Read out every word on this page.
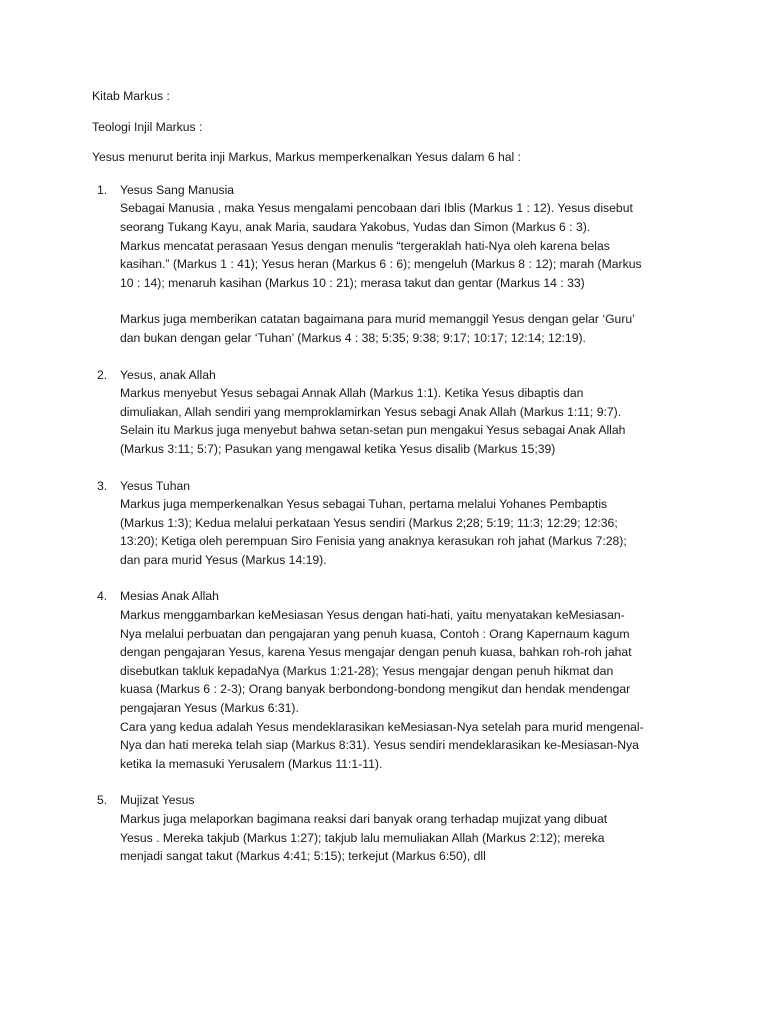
Kitab Markus :

Teologi Injil Markus :

Yesus menurut berita inji Markus, Markus memperkenalkan Yesus dalam 6 hal :

1. Yesus Sang Manusia
Sebagai Manusia , maka Yesus mengalami pencobaan dari Iblis (Markus 1 : 12). Yesus disebut
seorang Tukang Kayu, anak Maria, saudara Yakobus, Yudas dan Simon (Markus 6 : 3).
Markus mencatat perasaan Yesus dengan menulis “tergeraklah hati-Nya oleh karena belas
kasihan.” (Markus 1 : 41); Yesus heran (Markus 6 : 6); mengeluh (Markus 8 : 12); marah (Markus
10 : 14); menaruh kasihan (Markus 10 : 21); merasa takut dan gentar (Markus 14 : 33)
Markus juga memberikan catatan bagaimana para murid memanggil Yesus dengan gelar ‘Guru’
dan bukan dengan gelar ‘Tuhan’ (Markus 4 : 38; 5:35; 9:38; 9:17; 10:17; 12:14; 12:19).
2. Yesus, anak Allah
Markus menyebut Yesus sebagai Annak Allah (Markus 1:1). Ketika Yesus dibaptis dan
dimuliakan, Allah sendiri yang memproklamirkan Yesus sebagi Anak Allah (Markus 1:11; 9:7).
Selain itu Markus juga menyebut bahwa setan-setan pun mengakui Yesus sebagai Anak Allah
(Markus 3:11; 5:7); Pasukan yang mengawal ketika Yesus disalib (Markus 15;39)
3. Yesus Tuhan
Markus juga memperkenalkan Yesus sebagai Tuhan, pertama melalui Yohanes Pembaptis
(Markus 1:3); Kedua melalui perkataan Yesus sendiri (Markus 2;28; 5:19; 11:3; 12:29; 12:36;
13:20); Ketiga oleh perempuan Siro Fenisia yang anaknya kerasukan roh jahat (Markus 7:28);
dan para murid Yesus (Markus 14:19).
4. Mesias Anak Allah
Markus menggambarkan keMesiasan Yesus dengan hati-hati, yaitu menyatakan keMesiasan-
Nya melalui perbuatan dan pengajaran yang penuh kuasa, Contoh : Orang Kapernaum kagum
dengan pengajaran Yesus, karena Yesus mengajar dengan penuh kuasa, bahkan roh-roh jahat
disebutkan takluk kepadaNya (Markus 1:21-28); Yesus mengajar dengan penuh hikmat dan
kuasa (Markus 6 : 2-3); Orang banyak berbondong-bondong mengikut dan hendak mendengar
pengajaran Yesus (Markus 6:31).
Cara yang kedua adalah Yesus mendeklarasikan keMesiasan-Nya setelah para murid mengenal-
Nya dan hati mereka telah siap (Markus 8:31). Yesus sendiri mendeklarasikan ke-Mesiasan-Nya
ketika Ia memasuki Yerusalem (Markus 11:1-11).
5. Mujizat Yesus
Markus juga melaporkan bagimana reaksi dari banyak orang terhadap mujizat yang dibuat
Yesus . Mereka takjub (Markus 1:27); takjub lalu memuliakan Allah (Markus 2:12); mereka
menjadi sangat takut (Markus 4:41; 5:15); terkejut (Markus 6:50), dll
